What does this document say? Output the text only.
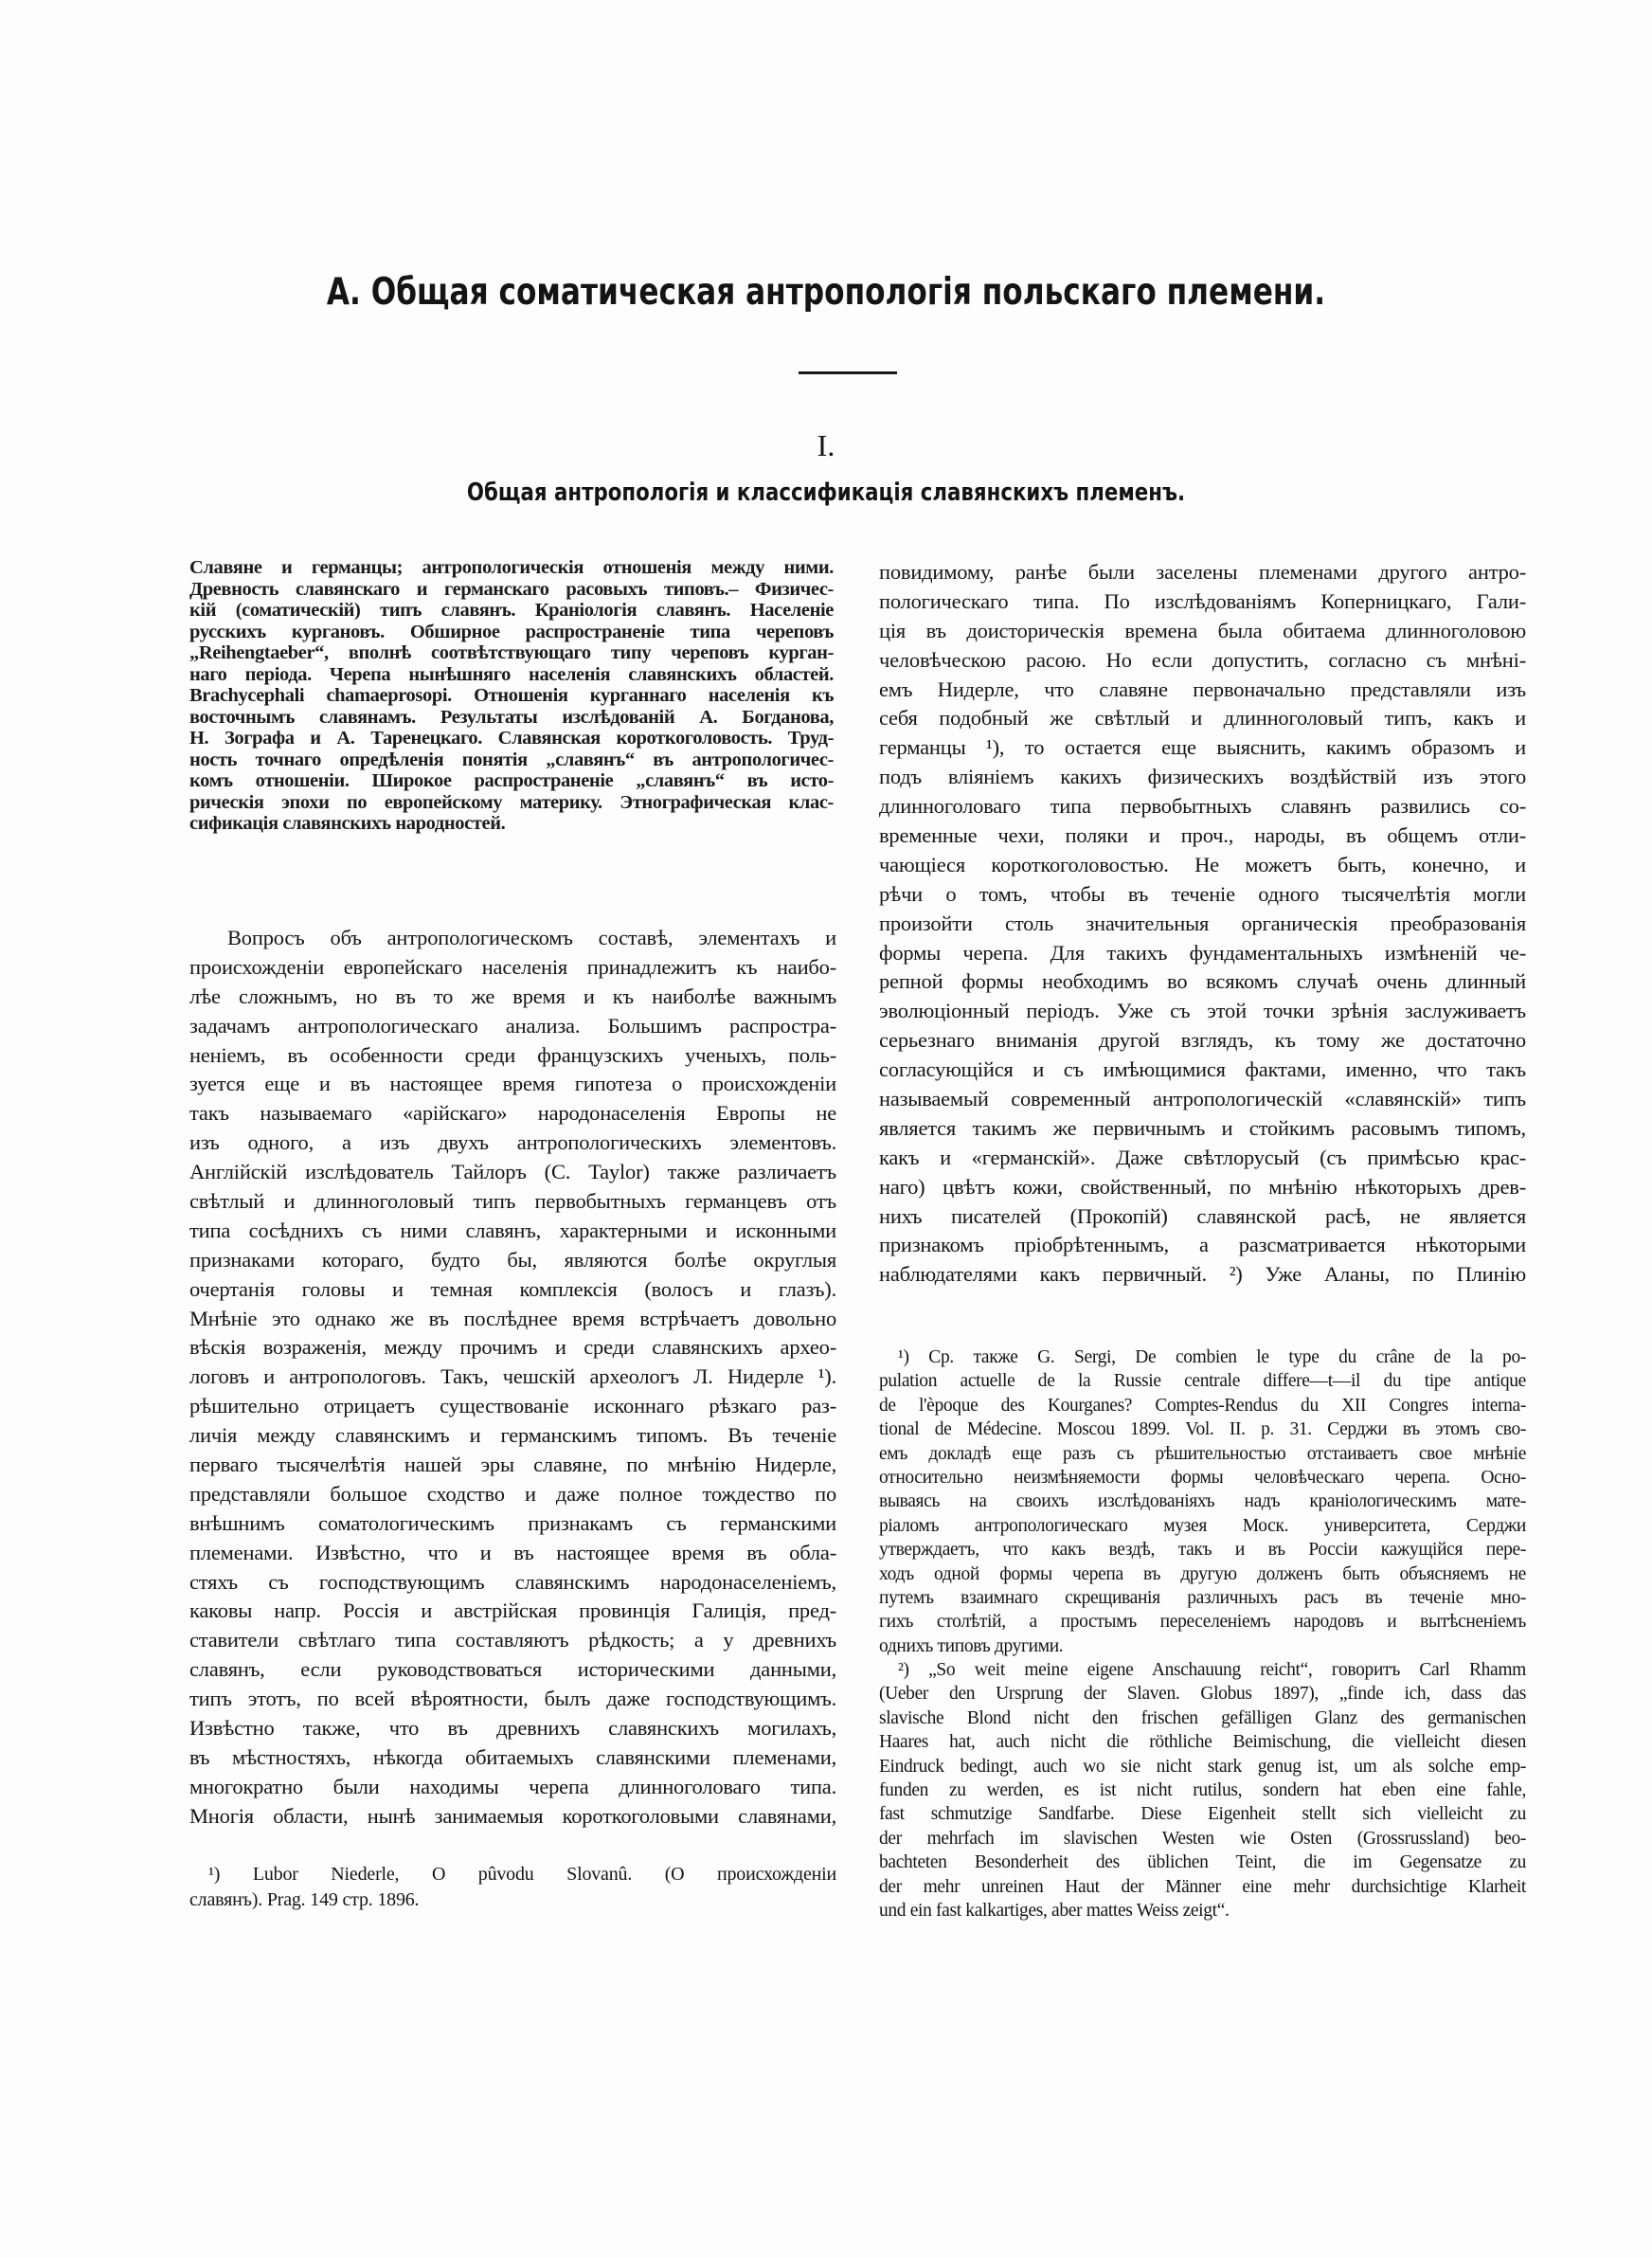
А. Общая соматическая антропологія польскаго племени.
I.
Общая антропологія и классификація славянскихъ племенъ.
Славяне и германцы; антропологическія отношенія между ними.
Древность славянскаго и германскаго расовыхъ типовъ.– Физичес-
кій (соматическій) типъ славянъ. Краніологія славянъ. Населеніе
русскихъ кургановъ. Обширное распространеніе типа череповъ
„Reihengtaeber“, вполнѣ соотвѣтствующаго типу череповъ курган-
наго періода. Черепа нынѣшняго населенія славянскихъ областей.
Brachycephali chamaeprosopi. Отношенія курганнаго населенія къ
восточнымъ славянамъ. Результаты изслѣдованій А. Богданова,
Н. Зографа и А. Таренецкаго. Славянская короткоголовость. Труд-
ность точнаго опредѣленія понятія „славянъ“ въ антропологичес-
комъ отношеніи. Широкое распространеніе „славянъ“ въ исто-
рическія эпохи по европейскому материку. Этнографическая клас-
сификація славянскихъ народностей.
Вопросъ объ антропологическомъ составѣ, элементахъ и
происхожденіи европейскаго населенія принадлежитъ къ наибо-
лѣе сложнымъ, но въ то же время и къ наиболѣе важнымъ
задачамъ антропологическаго анализа. Большимъ распростра-
неніемъ, въ особенности среди французскихъ ученыхъ, поль-
зуется еще и въ настоящее время гипотеза о происхожденіи
такъ называемаго «арійскаго» народонаселенія Европы не
изъ одного, а изъ двухъ антропологическихъ элементовъ.
Англійскій изслѣдователь Тайлоръ (С. Taylor) также различаетъ
свѣтлый и длинноголовый типъ первобытныхъ германцевъ отъ
типа сосѣднихъ съ ними славянъ, характерными и исконными
признаками котораго, будто бы, являются болѣе округлыя
очертанія головы и темная комплексія (волосъ и глазъ).
Мнѣніе это однако же въ послѣднее время встрѣчаетъ довольно
вѣскія возраженія, между прочимъ и среди славянскихъ археo-
логовъ и антропологовъ. Такъ, чешскій археологъ Л. Нидерле ¹).
рѣшительно отрицаетъ существованіе исконнаго рѣзкаго раз-
личія между славянскимъ и германскимъ типомъ. Въ теченіе
перваго тысячелѣтія нашей эры славяне, по мнѣнію Нидерле,
представляли большое сходство и даже полное тождество по
внѣшнимъ соматологическимъ признакамъ съ германскими
племенами. Извѣстно, что и въ настоящее время въ обла-
стяхъ съ господствующимъ славянскимъ народонаселеніемъ,
каковы напр. Россія и австрійская провинція Галиція, пред-
ставители свѣтлаго типа составляютъ рѣдкость; а у древнихъ
славянъ, если руководствоваться историческими данными,
типъ этотъ, по всей вѣроятности, былъ даже господствующимъ.
Извѣстно также, что въ древнихъ славянскихъ могилахъ,
въ мѣстностяхъ, нѣкогда обитаемыхъ славянскими племенами,
многократно были находимы черепа длинноголоваго типа.
Многія области, нынѣ занимаемыя короткоголовыми славянами,
¹) Lubor Niederle, O pûvodu Slovanû. (O происхожденіи
славянъ). Prag. 149 стр. 1896.
повидимому, ранѣе были заселены племенами другого антро-
пологическаго типа. По изслѣдованіямъ Коперницкаго, Гали-
ція въ доисторическія времена была обитаема длинноголовою
человѣческою расою. Но если допустить, согласно съ мнѣні-
емъ Нидерле, что славяне первоначально представляли изъ
себя подобный же свѣтлый и длинноголовый типъ, какъ и
германцы ¹), то остается еще выяснить, какимъ образомъ и
подъ вліяніемъ какихъ физическихъ воздѣйствій изъ этого
длинноголоваго типа первобытныхъ славянъ развились со-
временные чехи, поляки и проч., народы, въ общемъ отли-
чающіеся короткоголовостью. Не можетъ быть, конечно, и
рѣчи о томъ, чтобы въ теченіе одного тысячелѣтія могли
произойти столь значительныя органическія преобразованія
формы черепа. Для такихъ фундаментальныхъ измѣненій че-
репной формы необходимъ во всякомъ случаѣ очень длинный
эволюціонный періодъ. Уже съ этой точки зрѣнія заслуживаетъ
серьезнаго вниманія другой взглядъ, къ тому же достаточно
согласующійся и съ имѣющимися фактами, именно, что такъ
называемый современный антропологическій «славянскій» типъ
является такимъ же первичнымъ и стойкимъ расовымъ типомъ,
какъ и «германскій». Даже свѣтлорусый (съ примѣсью крас-
наго) цвѣтъ кожи, свойственный, по мнѣнію нѣкоторыхъ древ-
нихъ писателей (Прокопій) славянской расѣ, не является
признакомъ пріобрѣтеннымъ, а разсматривается нѣкоторыми
наблюдателями какъ первичный. ²) Уже Аланы, по Плинію
¹) Ср. также G. Sergi, De combien le type du crâne de la po-
pulation actuelle de la Russie centrale differe—t—il du tipe antique
de l'èpoque des Kourganes? Comptes-Rendus du XII Congres interna-
tional de Médecine. Moscou 1899. Vol. II. p. 31. Серджи въ этомъ сво-
емъ докладѣ еще разъ съ рѣшительностью отстаиваетъ свое мнѣніе
относительно неизмѣняемости формы человѣческаго черепа. Осно-
вываясь на своихъ изслѣдованіяхъ надъ краніологическимъ мате-
ріаломъ антропологическаго музея Моск. университета, Серджи
утверждаетъ, что какъ вездѣ, такъ и въ Россіи кажущійся пере-
ходъ одной формы черепа въ другую долженъ быть объясняемъ не
путемъ взаимнаго скрещиванія различныхъ расъ въ теченіе мно-
гихъ столѣтій, а простымъ переселеніемъ народовъ и вытѣсненіемъ
однихъ типовъ другими.
²) „So weit meine eigene Anschauung reicht“, говоритъ Carl Rhamm
(Ueber den Ursprung der Slaven. Globus 1897), „finde ich, dass das
slavische Blond nicht den frischen gefälligen Glanz des germanischen
Haares hat, auch nicht die röthliche Beimischung, die vielleicht diesen
Eindruck bedingt, auch wo sie nicht stark genug ist, um als solche emp-
funden zu werden, es ist nicht rutilus, sondern hat eben eine fahle,
fast schmutzige Sandfarbe. Diese Eigenheit stellt sich vielleicht zu
der mehrfach im slavischen Westen wie Osten (Grossrussland) beo-
bachteten Besonderheit des üblichen Teint, die im Gegensatze zu
der mehr unreinen Haut der Männer eine mehr durchsichtige Klarheit
und ein fast kalkartiges, aber mattes Weiss zeigt“.
